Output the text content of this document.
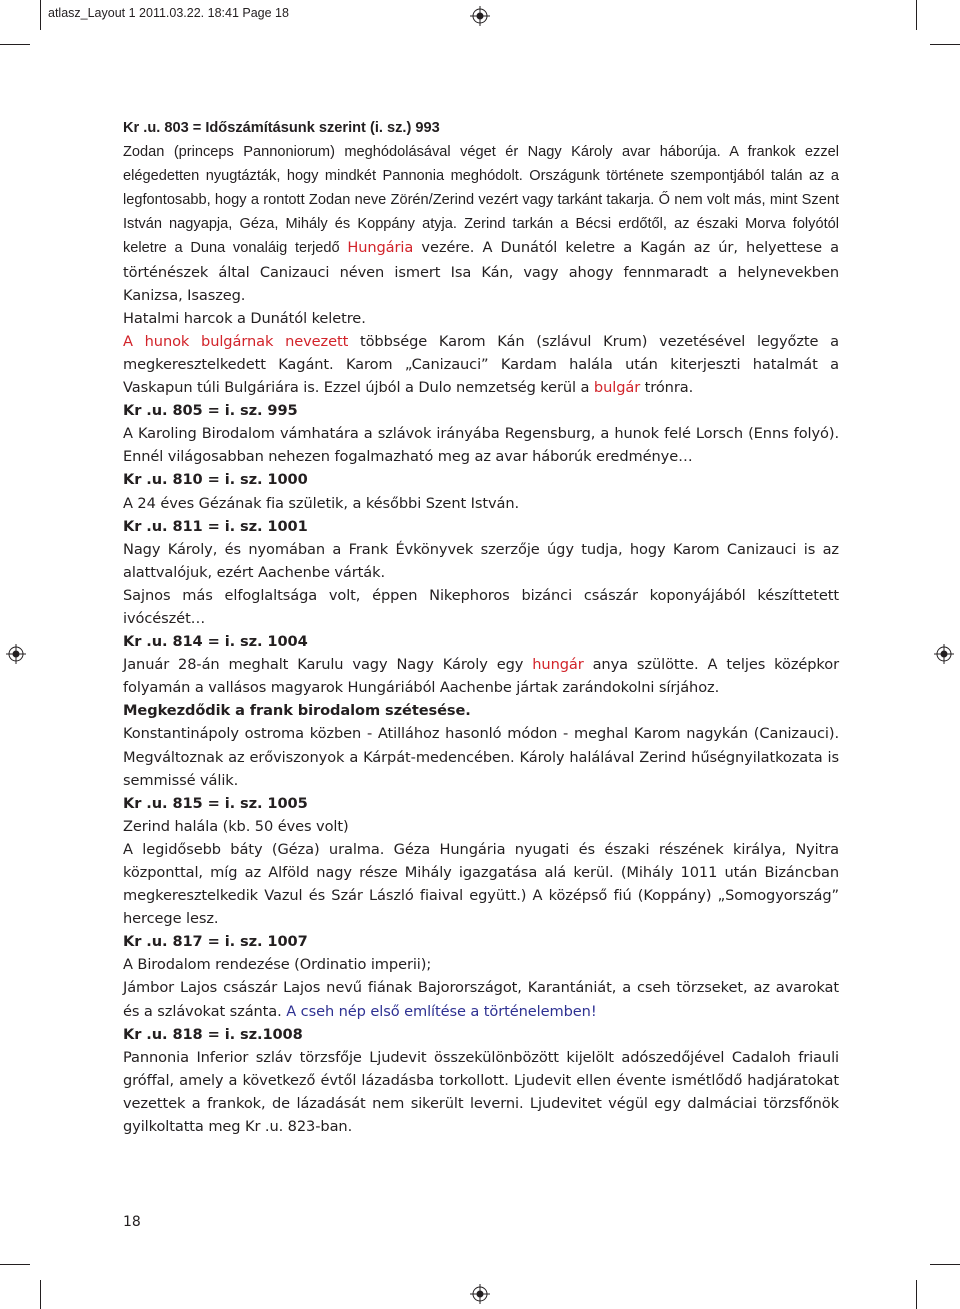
atlasz_Layout 1 2011.03.22. 18:41 Page 18

Kr .u. 803 = Időszámításunk szerint (i. sz.) 993

Zodan (princeps Pannoniorum) meghódolásával véget ér Nagy Károly avar háborúja. A frankok ezzel elégedetten nyugtázták, hogy mindkét Pannonia meghódolt. Országunk története szempontjából talán az a legfontosabb, hogy a rontott Zodan neve Zörén/Zerind vezért vagy tarkánt takarja. Ő nem volt más, mint Szent István nagyapja, Géza, Mihály és Koppány atyja. Zerind tarkán a Bécsi erdőtől, az északi Morva folyótól keletre a Duna vonaláig terjedő Hungária vezére. A Dunától keletre a Kagán az úr, helyettese a történészek által Canizauci néven ismert Isa Kán, vagy ahogy fennmaradt a helynevekben Kanizsa, Isaszeg.

Hatalmi harcok a Dunától keletre.

A hunok bulgárnak nevezett többsége Karom Kán (szlávul Krum) vezetésével legyőzte a megkeresztelkedett Kagánt. Karom „Canizauci” Kardam halála után kiterjeszti hatalmát a Vaskapun túli Bulgáriára is. Ezzel újból a Dulo nemzetség kerül a bulgár trónra.

Kr .u. 805 = i. sz. 995

A Karoling Birodalom vámhatára a szlávok irányába Regensburg, a hunok felé Lorsch (Enns folyó). Ennél világosabban nehezen fogalmazható meg az avar háborúk eredménye…

Kr .u. 810 = i. sz. 1000

A 24 éves Gézának fia születik, a későbbi Szent István.

Kr .u. 811 = i. sz. 1001

Nagy Károly, és nyomában a Frank Évkönyvek szerzője úgy tudja, hogy Karom Canizauci is az alattvalójuk, ezért Aachenbe várták.

Sajnos más elfoglaltsága volt, éppen Nikephoros bizánci császár koponyájából készíttetett ivócészét…

Kr .u. 814 = i. sz. 1004

Január 28-án meghalt Karulu vagy Nagy Károly egy hungár anya szülötte. A teljes középkor folyamán a vallásos magyarok Hungáriából Aachenbe jártak zarándokolni sírjához.

Megkezdődik a frank birodalom szétesése.

Konstantinápoly ostroma közben - Atillához hasonló módon - meghal Karom nagykán (Canizauci). Megváltoznak az erőviszonyok a Kárpát-medencében. Károly halálával Zerind hűségnyilatkozata is semmissé válik.

Kr .u. 815 = i. sz. 1005

Zerind halála (kb. 50 éves volt)

A legidősebb báty (Géza) uralma. Géza Hungária nyugati és északi részének királya, Nyitra központtal, míg az Alföld nagy része Mihály igazgatása alá kerül. (Mihály 1011 után Bizáncban megkeresztelkedik Vazul és Szár László fiaival együtt.) A középső fiú (Koppány) „Somogyország” hercege lesz.

Kr .u. 817 = i. sz. 1007

A Birodalom rendezése (Ordinatio imperii);

Jámbor Lajos császár Lajos nevű fiának Bajorországot, Karantániát, a cseh törzseket, az avarokat és a szlávokat szánta. A cseh nép első említése a történelemben!

Kr .u. 818 = i. sz.1008

Pannonia Inferior szláv törzsfője Ljudevit összekülönbözött kijelölt adószedőjével Cadaloh friauli gróffal, amely a következő évtől lázadásba torkollott. Ljudevit ellen évente ismétlődő hadjáratokat vezettek a frankok, de lázadását nem sikerült leverni. Ljudevitet végül egy dalmáciai törzsfőnök gyilkoltatta meg Kr .u. 823-ban.

18
